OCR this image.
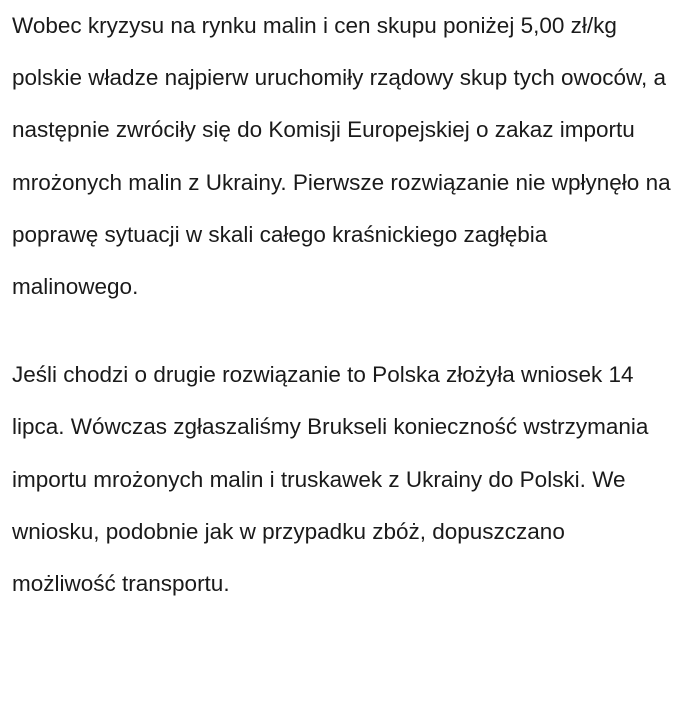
Wobec kryzysu na rynku malin i cen skupu poniżej 5,00 zł/kg polskie władze najpierw uruchomiły rządowy skup tych owoców, a następnie zwróciły się do Komisji Europejskiej o zakaz importu mrożonych malin z Ukrainy. Pierwsze rozwiązanie nie wpłynęło na poprawę sytuacji w skali całego kraśnickiego zagłębia malinowego.

Jeśli chodzi o drugie rozwiązanie to Polska złożyła wniosek 14 lipca. Wówczas zgłaszaliśmy Brukseli konieczność wstrzymania importu mrożonych malin i truskawek z Ukrainy do Polski. We wniosku, podobnie jak w przypadku zbóż, dopuszczano możliwość transportu.
